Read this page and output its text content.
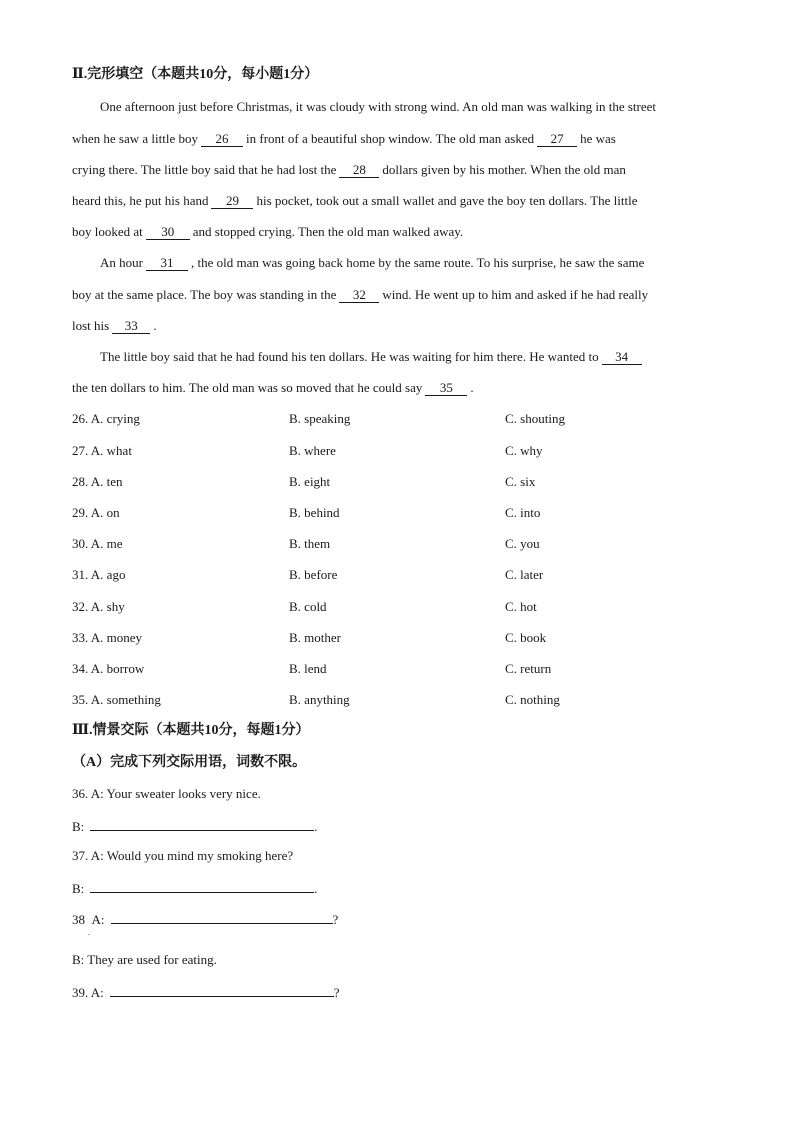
Ⅱ.完形填空（本题共10分，每小题1分）
One afternoon just before Christmas, it was cloudy with strong wind. An old man was walking in the street
when he saw a little boy 26 in front of a beautiful shop window. The old man asked 27 he was
crying there. The little boy said that he had lost the 28 dollars given by his mother. When the old man
heard this, he put his hand 29 his pocket, took out a small wallet and gave the boy ten dollars. The little
boy looked at 30 and stopped crying. Then the old man walked away.
An hour 31 , the old man was going back home by the same route. To his surprise, he saw the same
boy at the same place. The boy was standing in the 32 wind. He went up to him and asked if he had really
lost his 33 .
The little boy said that he had found his ten dollars. He was waiting for him there. He wanted to 34
the ten dollars to him. The old man was so moved that he could say 35 .
26. A. crying	B. speaking	C. shouting
27. A. what	B. where	C. why
28. A. ten	B. eight	C. six
29. A. on	B. behind	C. into
30. A. me	B. them	C. you
31. A. ago	B. before	C. later
32. A. shy	B. cold	C. hot
33. A. money	B. mother	C. book
34. A. borrow	B. lend	C. return
35. A. something	B. anything	C. nothing
Ⅲ.情景交际（本题共10分，每题1分）
（A）完成下列交际用语，词数不限。
36. A: Your sweater looks very nice.
B:	.
37. A: Would you mind my smoking here?
B:	.
38 A:	?
.
B: They are used for eating.
39. A:	?
